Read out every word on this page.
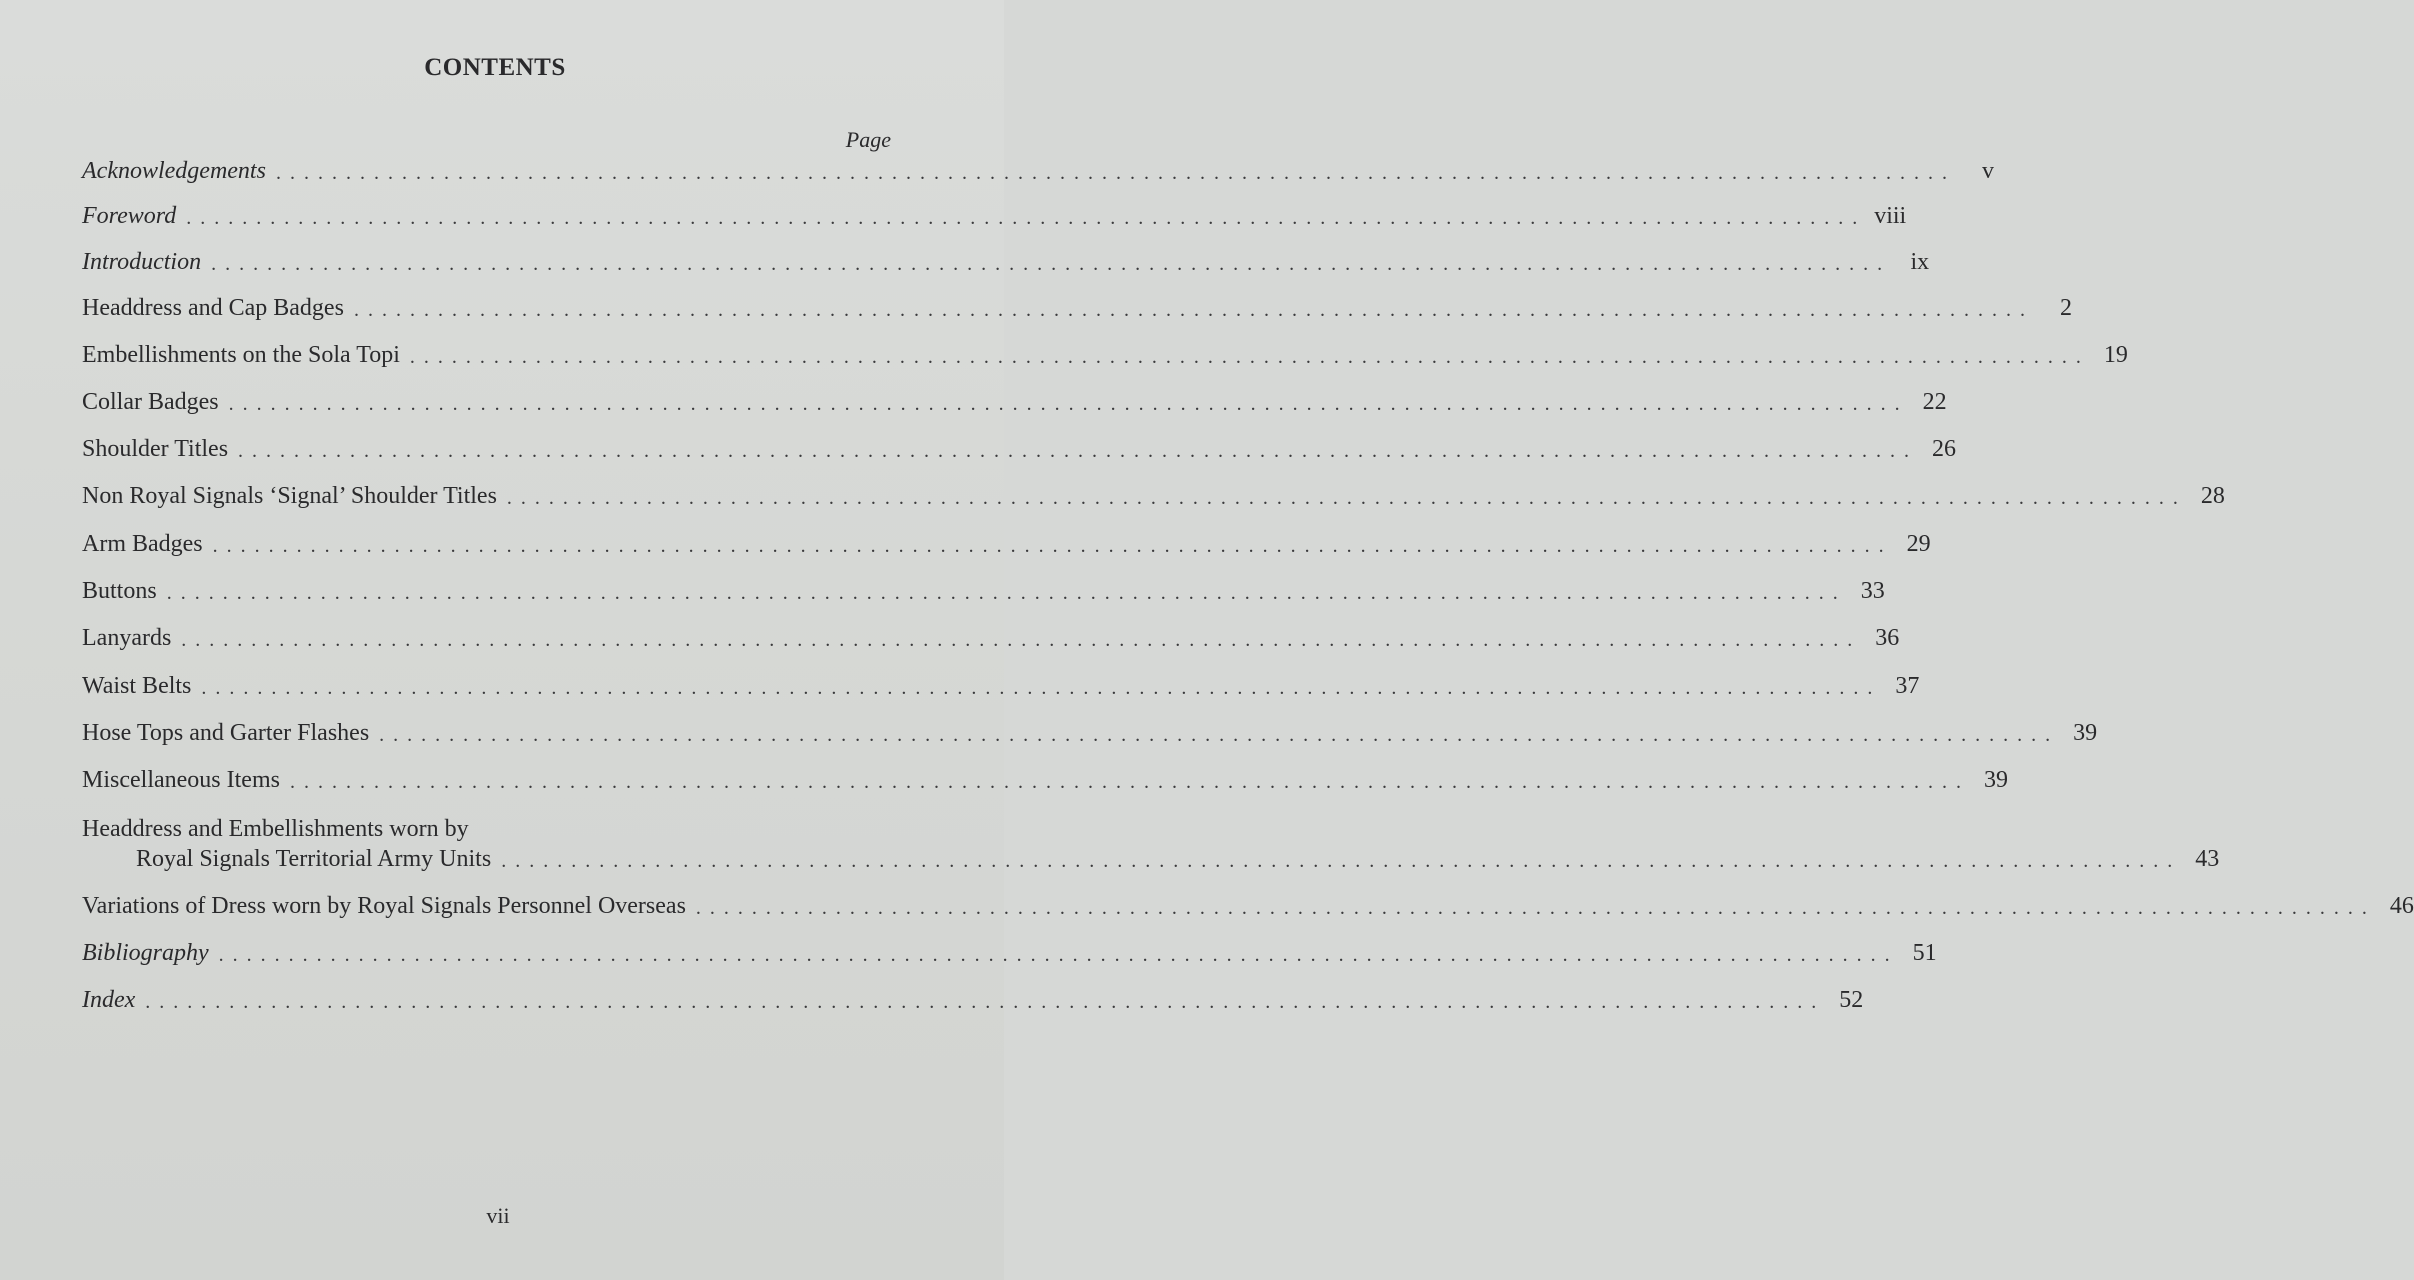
CONTENTS
Page
Acknowledgements ........................................................................................................................	v
Foreword ........................................................................................................................ viii
Introduction ........................................................................................................................ ix
Headdress and Cap Badges ........................................................................................................................	2
Embellishments on the Sola Topi ........................................................................................................................ 19
Collar Badges ........................................................................................................................ 22
Shoulder Titles ........................................................................................................................ 26
Non Royal Signals ‘Signal’ Shoulder Titles ........................................................................................................................ 28
Arm Badges ........................................................................................................................ 29
Buttons ........................................................................................................................ 33
Lanyards ........................................................................................................................ 36
Waist Belts ........................................................................................................................ 37
Hose Tops and Garter Flashes ........................................................................................................................ 39
Miscellaneous Items ........................................................................................................................ 39
Headdress and Embellishments worn by
Royal Signals Territorial Army Units ........................................................................................................................ 43
Variations of Dress worn by Royal Signals Personnel Overseas ........................................................................................................................ 46
Bibliography ........................................................................................................................ 51
Index ........................................................................................................................ 52
vii
